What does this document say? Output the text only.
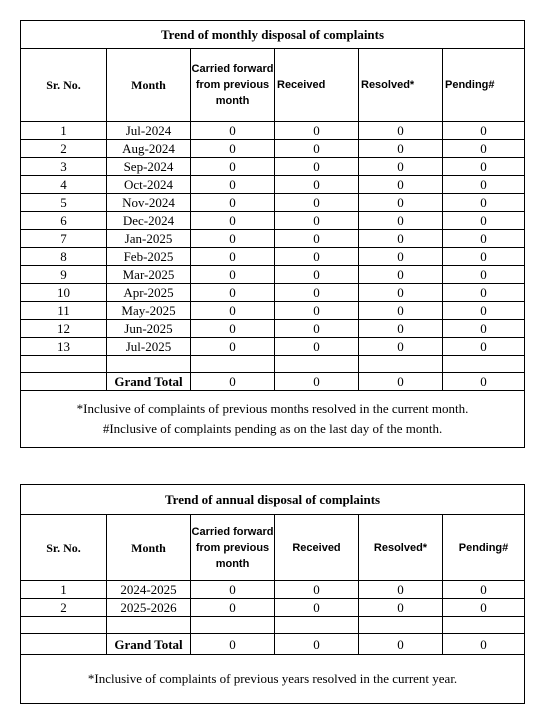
Trend of monthly disposal of complaints					
Sr. No.	Month	Carried forward from previous month	Received	Resolved*	Pending#
1	Jul-2024	0	0	0	0
2	Aug-2024	0	0	0	0
3	Sep-2024	0	0	0	0
4	Oct-2024	0	0	0	0
5	Nov-2024	0	0	0	0
6	Dec-2024	0	0	0	0
7	Jan-2025	0	0	0	0
8	Feb-2025	0	0	0	0
9	Mar-2025	0	0	0	0
10	Apr-2025	0	0	0	0
11	May-2025	0	0	0	0
12	Jun-2025	0	0	0	0
13	Jul-2025	0	0	0	0

	Grand Total	0	0	0	0

*Inclusive of complaints of previous months resolved in the current month.
#Inclusive of complaints pending as on the last day of the month.					
Trend of annual disposal of complaints					
Sr. No.	Month	Carried forward from previous month	Received	Resolved*	Pending#
1	2024-2025	0	0	0	0
2	2025-2026	0	0	0	0

	Grand Total	0	0	0	0

*Inclusive of complaints of previous years resolved in the current year.					
